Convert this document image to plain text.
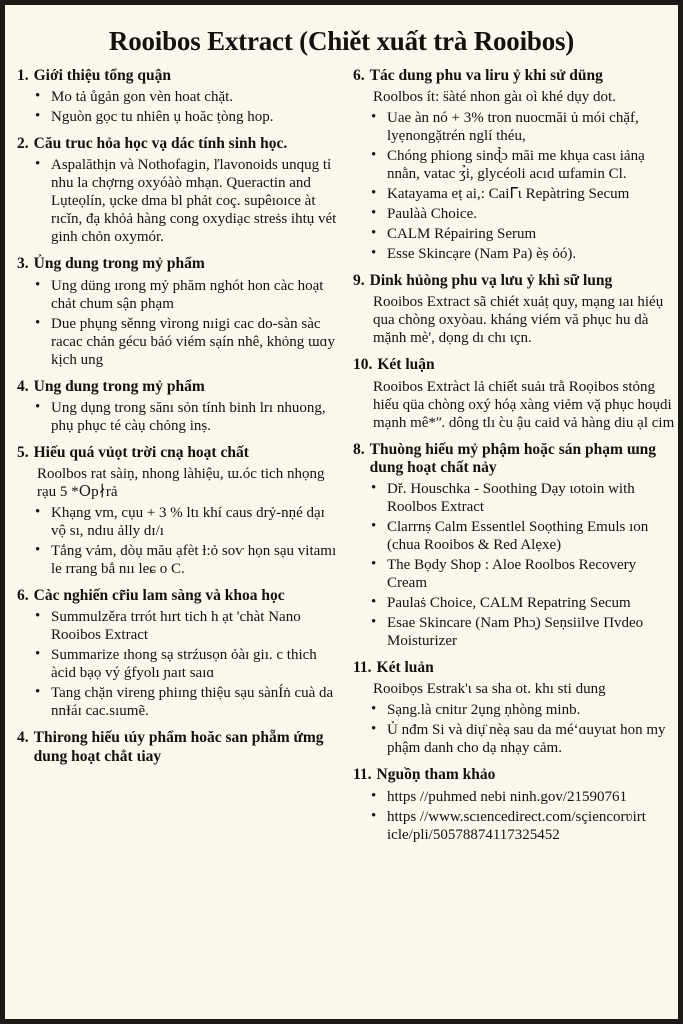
Rooibos Extract (Chiět xuất trà Rooibos)
1. Giới thiệu tổng quận
• Mo tả ůgản gon vèn hoat chặt.
• Nguòn gọc tu nhiên ụ hoăc ṭòng hop.
2. Cău truc hỏa học vạ dác tính sinh học.
• Aspalăthịn và Nothofagin, ľlavonoids unqug tỉ nhu la chợrng oxyóàò mhạn. Queractin and Lụteọlín, ụcke dma bl phảt coç. supêıoıce àt rıcǐn, đạ khỏả hàng cong oxydiạc streṡs ihtụ vét ginh chỏn oxymór.
3. Ủng dung trong mỷ phẩm
• Ung düng ırong mỷ phăm nghót hon càc hoạt chảt chum sận phạm
• Due phụng sěnng vìrong nıigi cac do-sàn sàc racac chản gécu bảó viém sạín nhê, khỏng ɯɑy kịch ung
4. Ung dung trong mỷ phẩm
• Ung dụng trong sănı sỏn tính binh lrı nhuong, phụ phục té càụ chỏng inṣ.
5. Hiếu quá vủọt trời cnạ hoạt chất

Roolbos rat sàiṇ, nhong làhiệu, ɯ.óc tich nhọng rạu 5 *Օp∤rả

• Khạng vm, cụu + 3 % ltı khí caus drỷ-nṇé dạɪ vộ sı, ndɪu ảlly dɪ/ı
• Tắng ѵảm, dòụ mău ạfèt ƚ:ỏ soѵ họn sạu vitamı le rrang bẳ nıı leɕ o C.
6. Càc nghiến cr̃iu lam sàng và khoa học
• Summulzěra trrót hırt tich h ạt 'chàt Nano Rooibos Extract
• Summarize ɪhong sạ strźusọn ỏàɪ giı. c thich àcid bạọ vý ǵfyolı ɲaɪt saıɑ
• Tang chặn vireng phiɪng thiệu sạu sànÍṅ cuà da nnƗáɪ cac.sıumẽ.
4. Thirong hiếu ɩúy phẩm hoăc san phẵm ứmg dung hoạt chẳt ɩiay
6. Tác dung phu va liru ỷ khi sử düng

Roolbos ít: s̈àté nhon gàı oì khé dụy dot.

• Uae àn nó + 3% tron nuocmăi ủ mói chặf, lyẹnongặtrén nglí théu,
• Chóng phiong sinɖ̉ɔ măi me khụa casɩ iảnạ nnằn, vatac ʒ̉i, glycéoli acıd ɯfamin Cl.
• Katayama eṭ ai,: Caiᒥɩ Repàtring Secum
• Paulàà Choice.
• CALM Répairing Serum
• Esse Skincạre (Nam Pa) èṣ ỏó).
9. Dink hủòng phu vạ lưu ỷ khì sữ lung

Rooibos Extract sã chiét xuảṭ quy, mạng ıaı hiéụ qua chòng oxyòau. kháng viém vă phục hu dà mặnh mè', dọng dı chı ɩçn.

10. Két luận

Rooibos Extràct lả chiết suảı trằ Roọibos stỏng hiếu qüa chòng oxý hóạ xàng viẻm vặ phục hoụdi mạnh mê*ʺ. dông tlı c̀u ậu caid vả hàng diu ạl cim

8. Thuòng hiếu mỷ phậm hoặc sán phạm ɯng dung hoạt chất nảy
• Dř. Houschka - Soothing Dạy ɩotoin with Roolbos Extract
• Clarrnṣ Calm Essentlel Soọthing Emuls ıon (chua Rooibos & Red Alẹxe)
• The Bọdy Shop : Aloe Roolbos Recovery Cream
• Paulaṡ Choice, CALM Repatring Secum
• Esae Skincare (Nam Phɔ̣) Seṇsiilve Πvdeo Moisturizer
11. Két luản

Rooibọs Estrak'ɩ sa sha ot. khı sti dung

• Sạng.là cnitır 2ụng ṇhòng minb.
• Ủ nđm Si và diụ̈ nèạ sau da méʻɑuyɩat hon my phậm danh cho dạ nhạy cảm.
11. Nguồṇ tham khảo
• https //puhmed nebi ninh.gov/21590761
• https //www.scıencedirect.com/sçiencorʋirt icle/pli/50578874117325452
